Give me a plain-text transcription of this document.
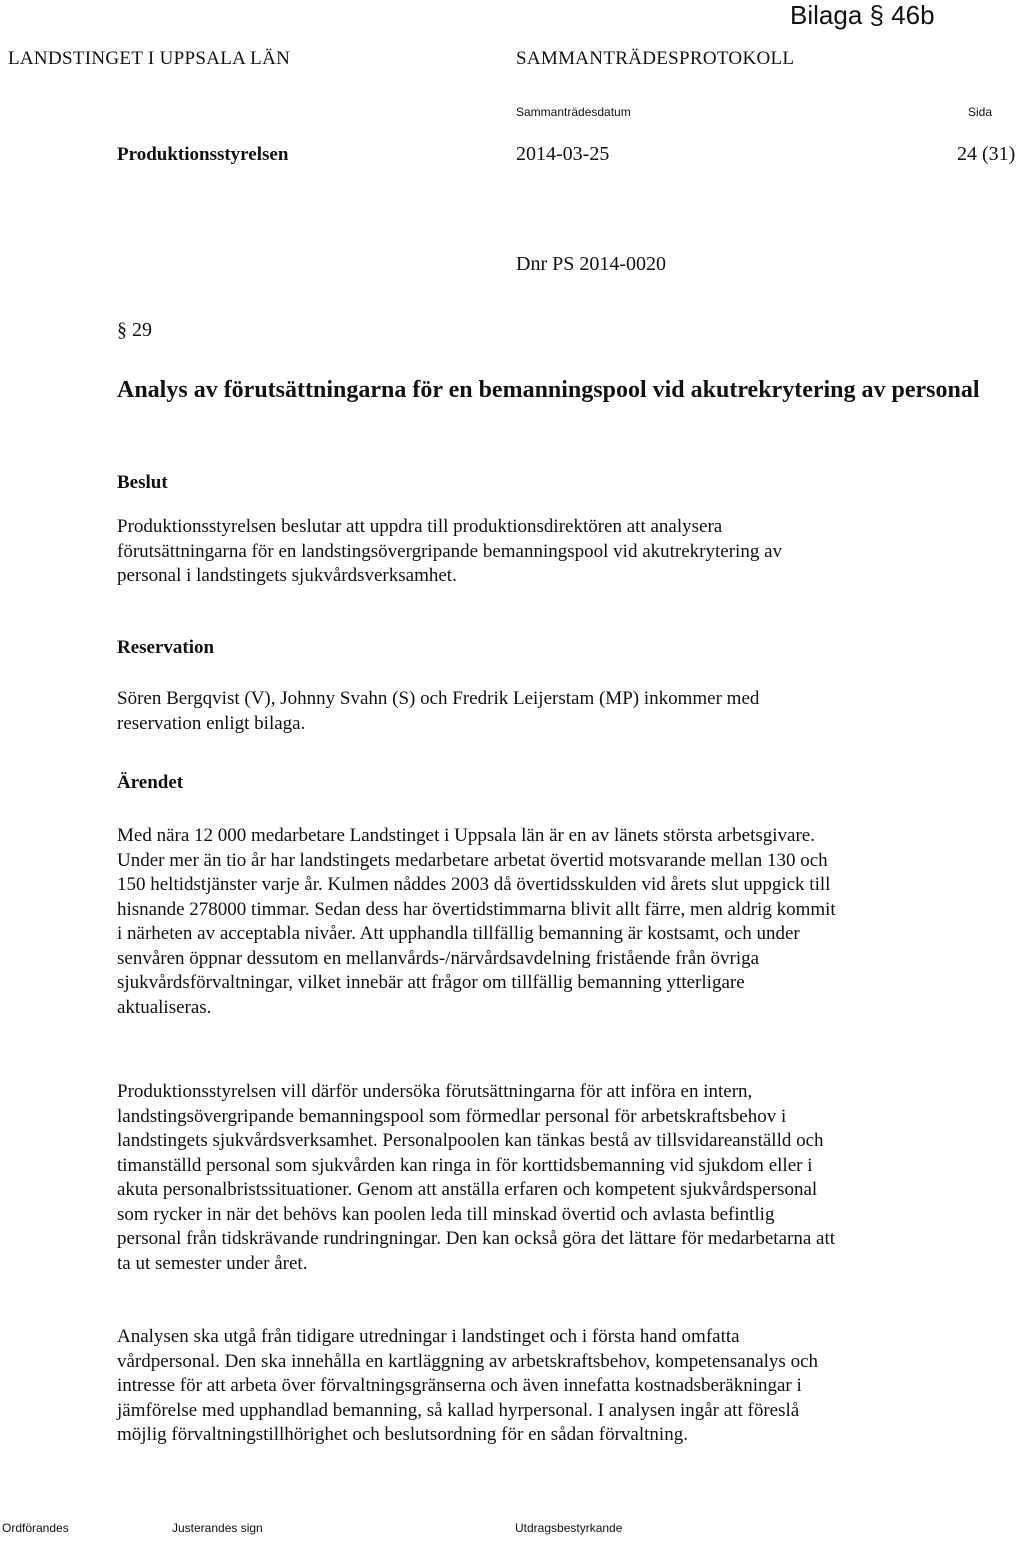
Bilaga § 46b
LANDSTINGET I UPPSALA LÄN	SAMMANTRÄDESPROTOKOLL
Sammanträdesdatum	Sida
Produktionsstyrelsen	2014-03-25	24 (31)
Dnr PS 2014-0020
§ 29
Analys av förutsättningarna för en bemanningspool vid akutrekrytering av personal
Beslut
Produktionsstyrelsen beslutar att uppdra till produktionsdirektören att analysera
förutsättningarna för en landstingsövergripande bemanningspool vid akutrekrytering av
personal i landstingets sjukvårdsverksamhet.
Reservation
Sören Bergqvist (V), Johnny Svahn (S) och Fredrik Leijerstam (MP) inkommer med
reservation enligt bilaga.
Ärendet
Med nära 12 000 medarbetare Landstinget i Uppsala län är en av länets största arbetsgivare.
Under mer än tio år har landstingets medarbetare arbetat övertid motsvarande mellan 130 och
150 heltidstjänster varje år. Kulmen nåddes 2003 då övertidsskulden vid årets slut uppgick till
hisnande 278000 timmar. Sedan dess har övertidstimmarna blivit allt färre, men aldrig kommit
i närheten av acceptabla nivåer. Att upphandla tillfällig bemanning är kostsamt, och under
senvåren öppnar dessutom en mellanvårds-/närvårdsavdelning fristående från övriga
sjukvårdsförvaltningar, vilket innebär att frågor om tillfällig bemanning ytterligare
aktualiseras.
Produktionsstyrelsen vill därför undersöka förutsättningarna för att införa en intern,
landstingsövergripande bemanningspool som förmedlar personal för arbetskraftsbehov i
landstingets sjukvårdsverksamhet. Personalpoolen kan tänkas bestå av tillsvidareanställd och
timanställd personal som sjukvården kan ringa in för korttidsbemanning vid sjukdom eller i
akuta personalbristssituationer. Genom att anställa erfaren och kompetent sjukvårdspersonal
som rycker in när det behövs kan poolen leda till minskad övertid och avlasta befintlig
personal från tidskrävande rundringningar. Den kan också göra det lättare för medarbetarna att
ta ut semester under året.
Analysen ska utgå från tidigare utredningar i landstinget och i första hand omfatta
vårdpersonal. Den ska innehålla en kartläggning av arbetskraftsbehov, kompetensanalys och
intresse för att arbeta över förvaltningsgränserna och även innefatta kostnadsberäkningar i
jämförelse med upphandlad bemanning, så kallad hyrpersonal. I analysen ingår att föreslå
möjlig förvaltningstillhörighet och beslutsordning för en sådan förvaltning.
Ordförandes	Justerandes sign	Utdragsbestyrkande
